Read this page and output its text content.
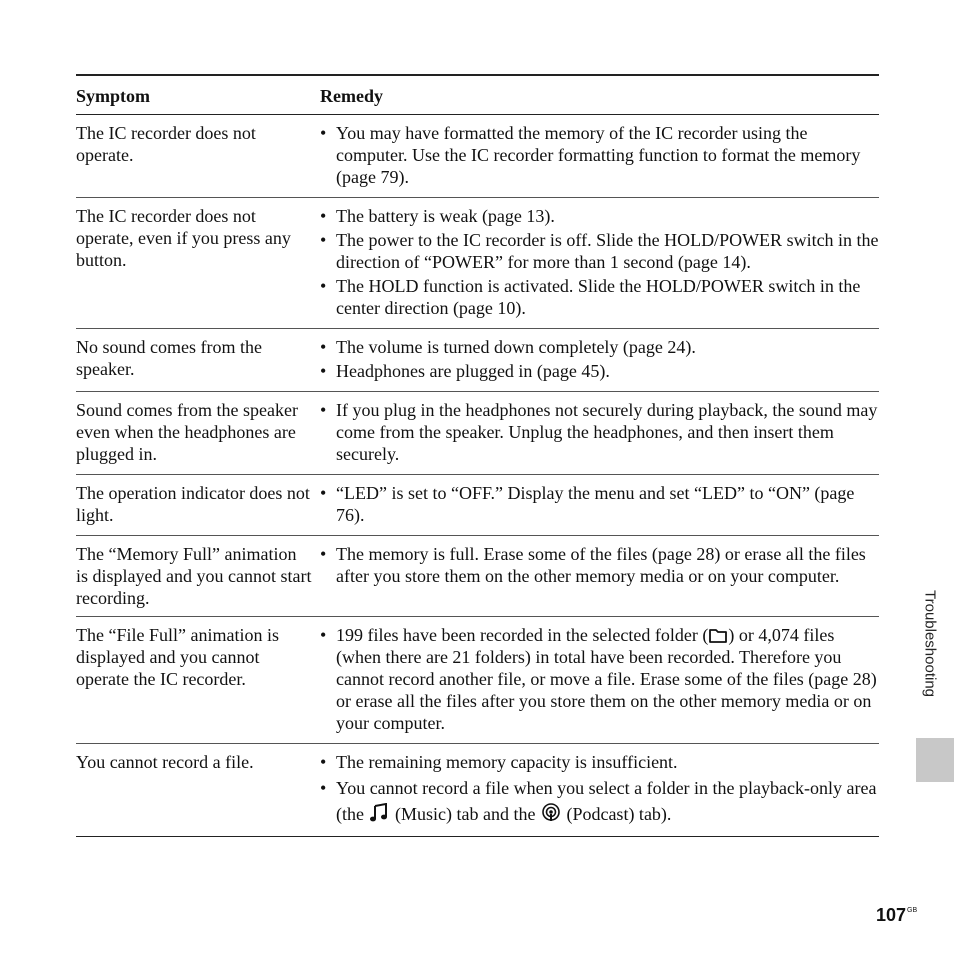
Symptom	Remedy
The IC recorder does not operate.
• You may have formatted the memory of the IC recorder using the computer. Use the IC recorder formatting function to format the memory (page 79).
The IC recorder does not operate, even if you press any button.
• The battery is weak (page 13).
• The power to the IC recorder is off. Slide the HOLD/POWER switch in the direction of “POWER” for more than 1 second (page 14).
• The HOLD function is activated. Slide the HOLD/POWER switch in the center direction (page 10).
No sound comes from the speaker.
• The volume is turned down completely (page 24).
• Headphones are plugged in (page 45).
Sound comes from the speaker even when the headphones are plugged in.
• If you plug in the headphones not securely during playback, the sound may come from the speaker. Unplug the headphones, and then insert them securely.
The operation indicator does not light.
• “LED” is set to “OFF.” Display the menu and set “LED” to “ON” (page 76).
The “Memory Full” animation is displayed and you cannot start recording.
• The memory is full. Erase some of the files (page 28) or erase all the files after you store them on the other memory media or on your computer.
The “File Full” animation is displayed and you cannot operate the IC recorder.
• 199 files have been recorded in the selected folder ( ) or 4,074 files (when there are 21 folders) in total have been recorded. Therefore you cannot record another file, or move a file. Erase some of the files (page 28) or erase all the files after you store them on the other memory media or on your computer.
You cannot record a file.
•	The remaining memory capacity is insufficient.
• You cannot record a file when you select a folder in the playback-only area (the  (Music) tab and the  (Podcast) tab).
Troubleshooting
$107^{GB}$
